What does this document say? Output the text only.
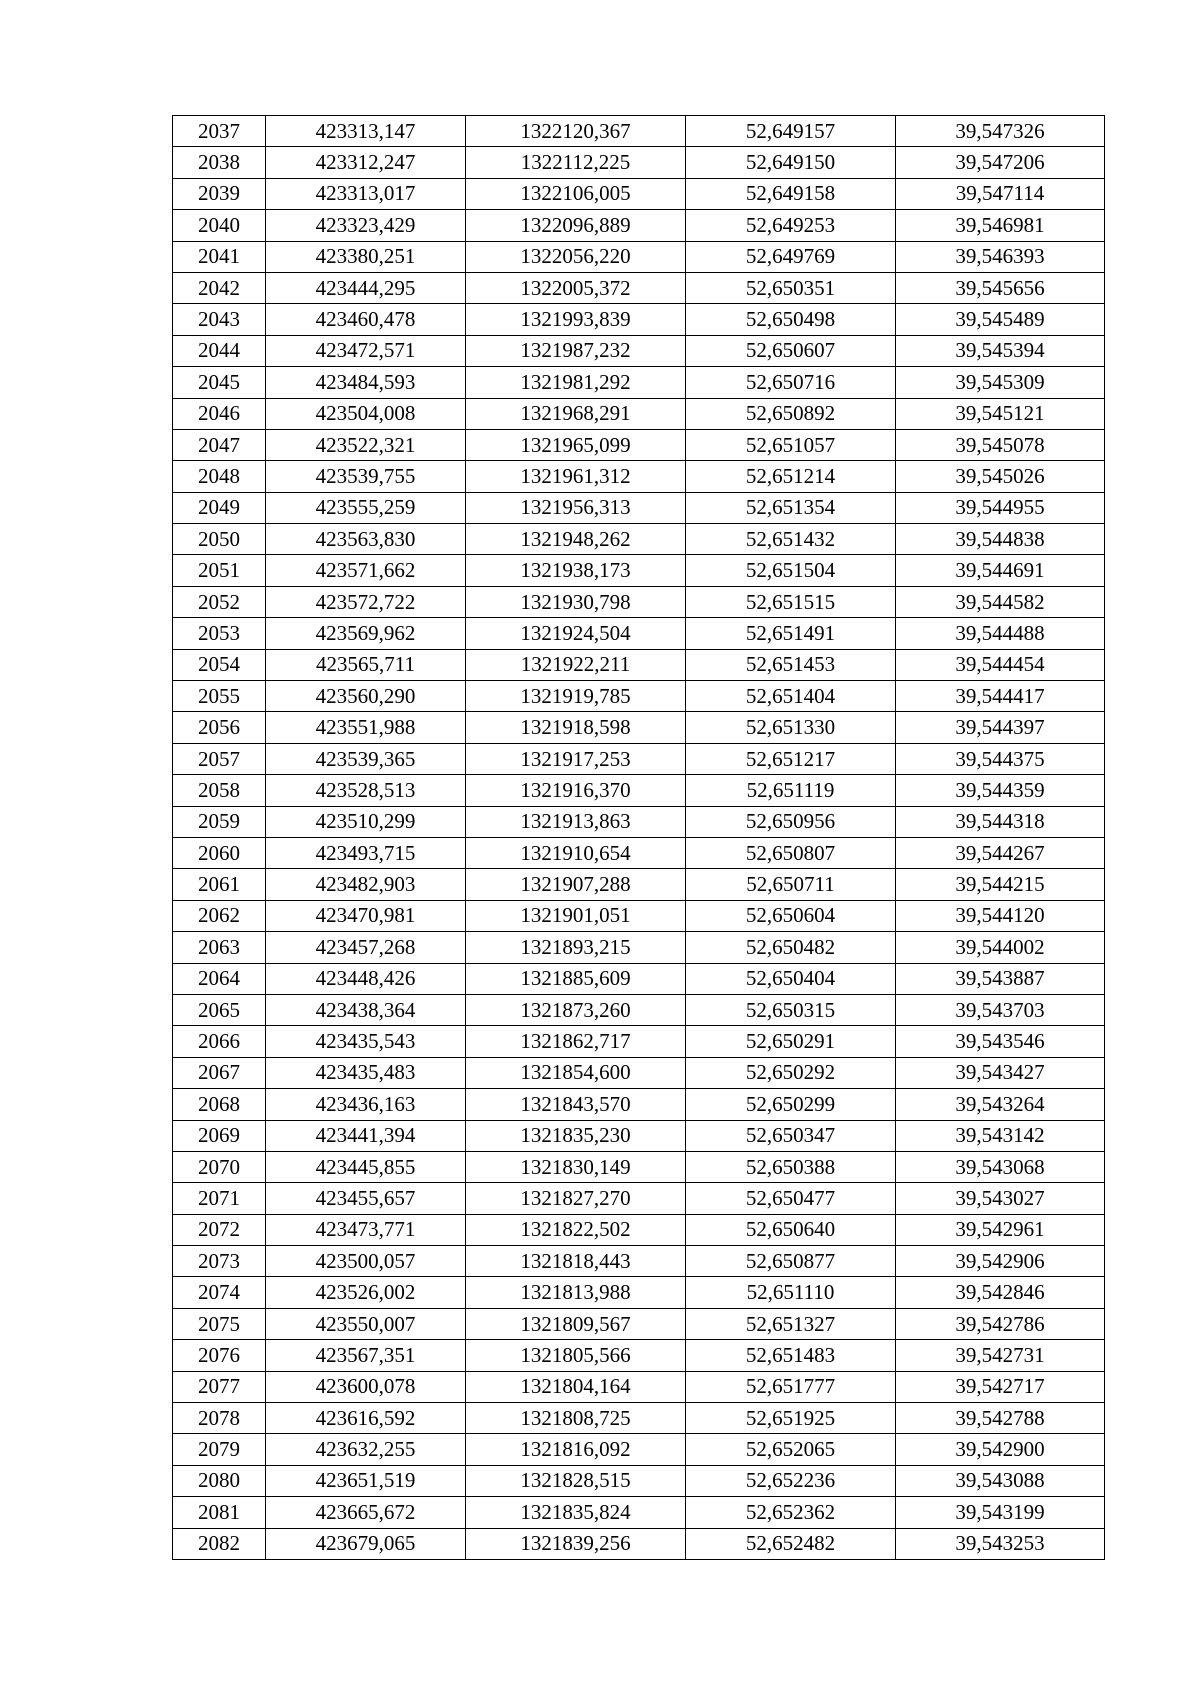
2037	423313,147	1322120,367	52,649157	39,547326
2038	423312,247	1322112,225	52,649150	39,547206
2039	423313,017	1322106,005	52,649158	39,547114
2040	423323,429	1322096,889	52,649253	39,546981
2041	423380,251	1322056,220	52,649769	39,546393
2042	423444,295	1322005,372	52,650351	39,545656
2043	423460,478	1321993,839	52,650498	39,545489
2044	423472,571	1321987,232	52,650607	39,545394
2045	423484,593	1321981,292	52,650716	39,545309
2046	423504,008	1321968,291	52,650892	39,545121
2047	423522,321	1321965,099	52,651057	39,545078
2048	423539,755	1321961,312	52,651214	39,545026
2049	423555,259	1321956,313	52,651354	39,544955
2050	423563,830	1321948,262	52,651432	39,544838
2051	423571,662	1321938,173	52,651504	39,544691
2052	423572,722	1321930,798	52,651515	39,544582
2053	423569,962	1321924,504	52,651491	39,544488
2054	423565,711	1321922,211	52,651453	39,544454
2055	423560,290	1321919,785	52,651404	39,544417
2056	423551,988	1321918,598	52,651330	39,544397
2057	423539,365	1321917,253	52,651217	39,544375
2058	423528,513	1321916,370	52,651119	39,544359
2059	423510,299	1321913,863	52,650956	39,544318
2060	423493,715	1321910,654	52,650807	39,544267
2061	423482,903	1321907,288	52,650711	39,544215
2062	423470,981	1321901,051	52,650604	39,544120
2063	423457,268	1321893,215	52,650482	39,544002
2064	423448,426	1321885,609	52,650404	39,543887
2065	423438,364	1321873,260	52,650315	39,543703
2066	423435,543	1321862,717	52,650291	39,543546
2067	423435,483	1321854,600	52,650292	39,543427
2068	423436,163	1321843,570	52,650299	39,543264
2069	423441,394	1321835,230	52,650347	39,543142
2070	423445,855	1321830,149	52,650388	39,543068
2071	423455,657	1321827,270	52,650477	39,543027
2072	423473,771	1321822,502	52,650640	39,542961
2073	423500,057	1321818,443	52,650877	39,542906
2074	423526,002	1321813,988	52,651110	39,542846
2075	423550,007	1321809,567	52,651327	39,542786
2076	423567,351	1321805,566	52,651483	39,542731
2077	423600,078	1321804,164	52,651777	39,542717
2078	423616,592	1321808,725	52,651925	39,542788
2079	423632,255	1321816,092	52,652065	39,542900
2080	423651,519	1321828,515	52,652236	39,543088
2081	423665,672	1321835,824	52,652362	39,543199
2082	423679,065	1321839,256	52,652482	39,543253
